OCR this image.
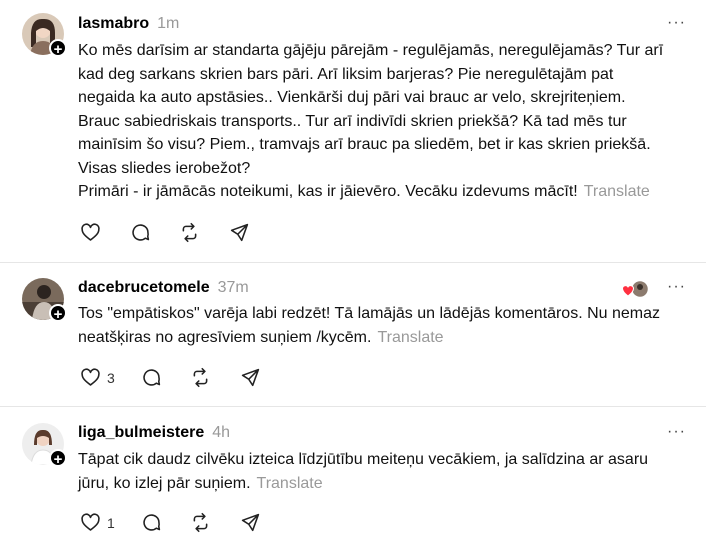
+
lasmabro 1m	···
Ko mēs darīsim ar standarta gājēju pārejām - regulējamās, neregulējamās? Tur arī
kad deg sarkans skrien bars pāri. Arī liksim barjeras? Pie neregulētajām pat
negaida ka auto apstāsies.. Vienkārši duj pāri vai brauc ar velo, skrejriteņiem.
Brauc sabiedriskais transports.. Tur arī indivīdi skrien priekšā? Kā tad mēs tur
mainīsim šo visu? Piem., tramvajs arī brauc pa sliedēm, bet ir kas skrien priekšā.
Visas sliedes ierobežot?
Primāri - ir jāmācās noteikumi, kas ir jāievēro. Vecāku izdevums mācīt! Translate
+
dacebrucetomele 37m	···
Tos "empātiskos" varēja labi redzēt! Tā lamājās un lādējās komentāros. Nu nemaz
neatšķiras no agresīviem suņiem /kycēm. Translate
3
+
liga_bulmeistere 4h	···
Tāpat cik daudz cilvēku izteica līdzjūtību meiteņu vecākiem, ja salīdzina ar asaru
jūru, ko izlej pār suņiem. Translate
1
